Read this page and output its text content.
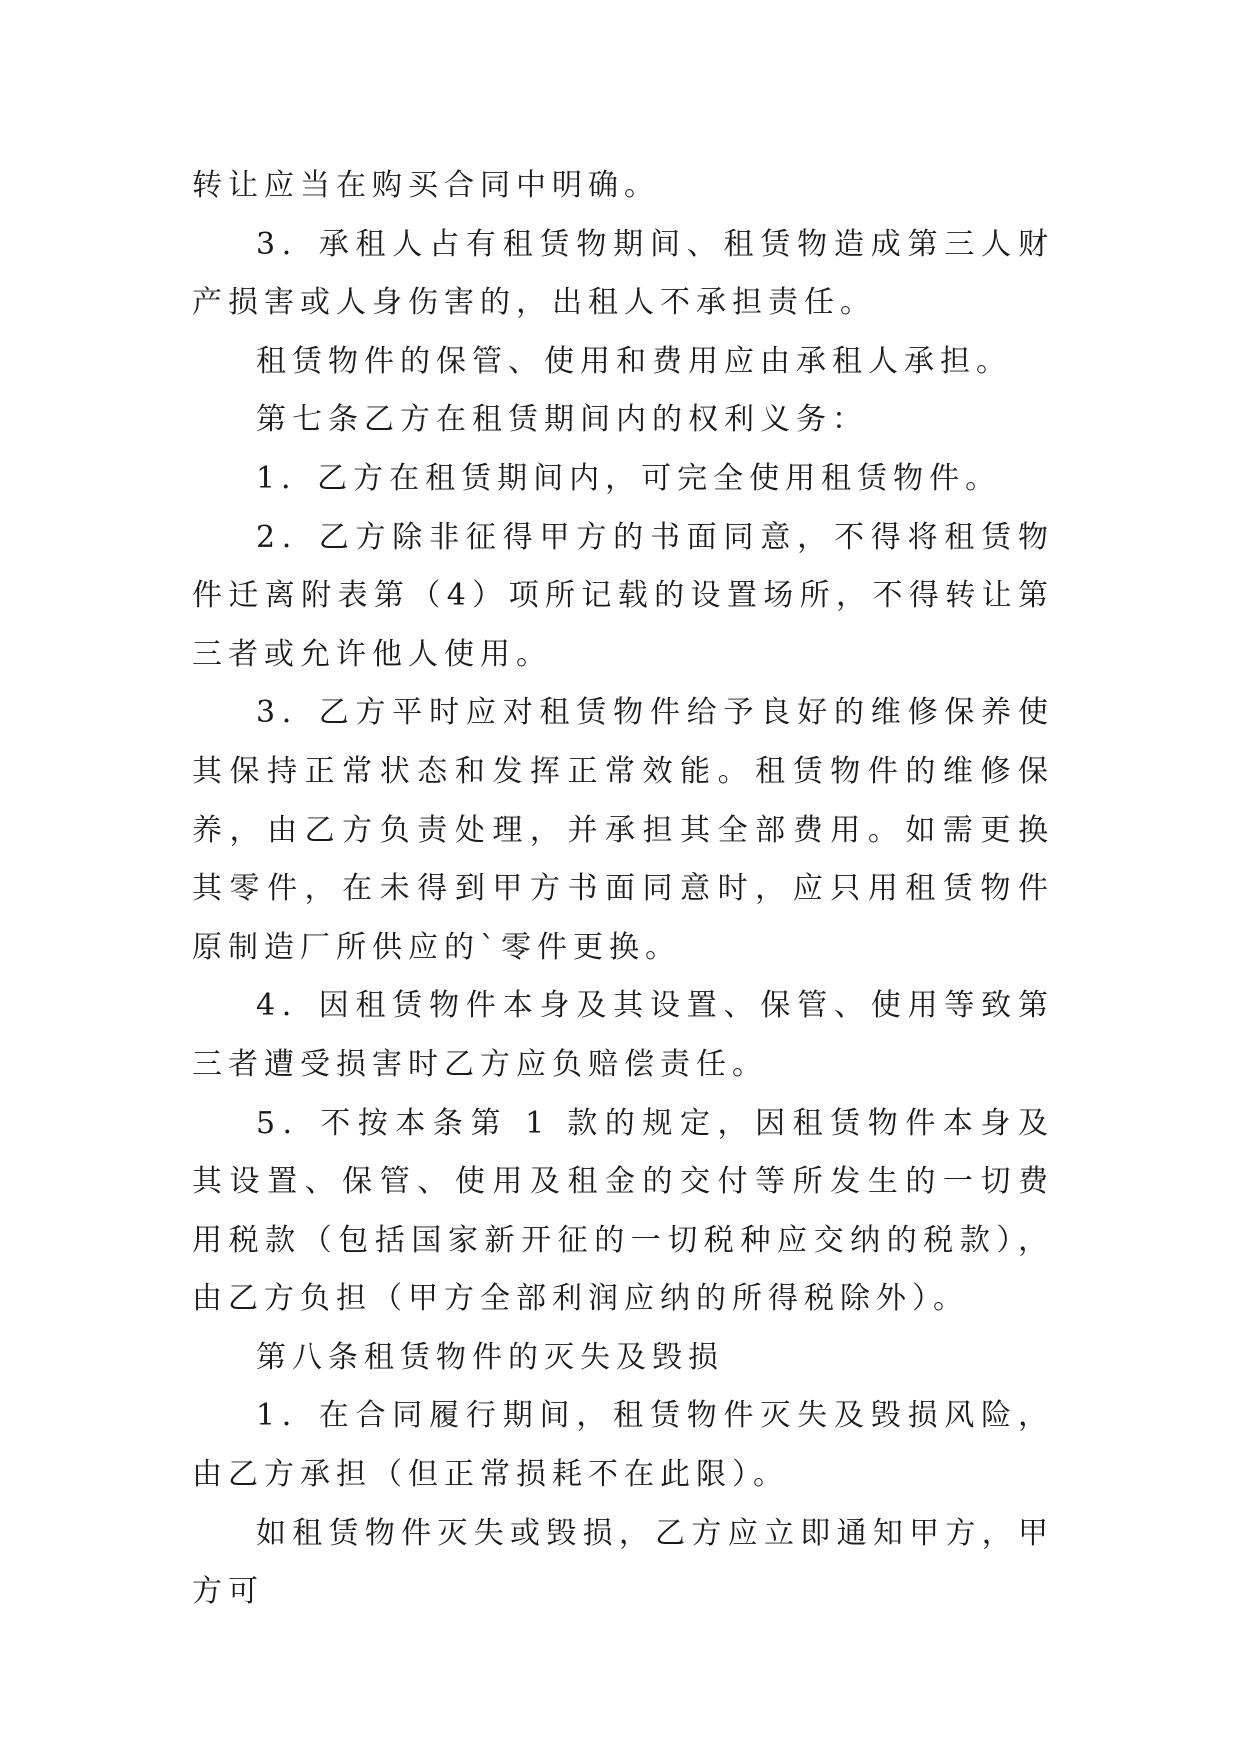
转让应当在购买合同中明确。

3．承租人占有租赁物期间、租赁物造成第三人财产损害或人身伤害的，出租人不承担责任。

租赁物件的保管、使用和费用应由承租人承担。

第七条乙方在租赁期间内的权利义务：

1．乙方在租赁期间内，可完全使用租赁物件。

2．乙方除非征得甲方的书面同意，不得将租赁物件迁离附表第（4）项所记载的设置场所，不得转让第三者或允许他人使用。

3．乙方平时应对租赁物件给予良好的维修保养使其保持正常状态和发挥正常效能。租赁物件的维修保养，由乙方负责处理，并承担其全部费用。如需更换其零件，在未得到甲方书面同意时，应只用租赁物件原制造厂所供应的`零件更换。

4．因租赁物件本身及其设置、保管、使用等致第三者遭受损害时乙方应负赔偿责任。

5．不按本条第 1 款的规定，因租赁物件本身及其设置、保管、使用及租金的交付等所发生的一切费用税款（包括国家新开征的一切税种应交纳的税款），由乙方负担（甲方全部利润应纳的所得税除外）。

第八条租赁物件的灭失及毁损

1．在合同履行期间，租赁物件灭失及毁损风险，由乙方承担（但正常损耗不在此限）。

如租赁物件灭失或毁损，乙方应立即通知甲方，甲方可
